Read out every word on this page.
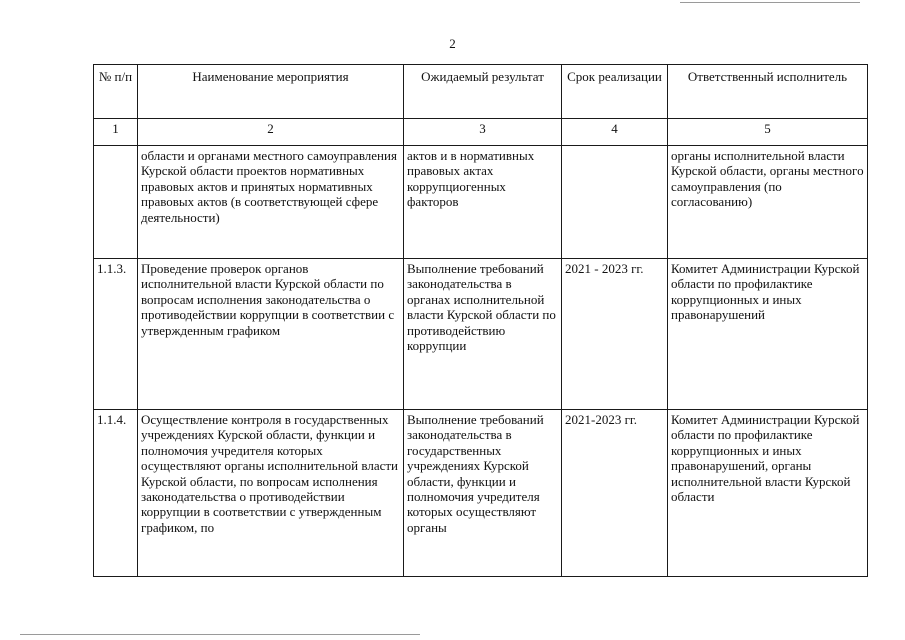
2
№ п/п	Наименование мероприятия	Ожидаемый результат	Срок реализации	Ответственный исполнитель
1	2	3	4	5
	области и органами местного самоуправления Курской области проектов нормативных правовых актов и принятых нормативных правовых актов (в соответствующей сфере деятельности)	актов и в нормативных правовых актах коррупциогенных факторов		органы исполнительной власти Курской области, органы местного самоуправления (по согласованию)
1.1.3.	Проведение проверок органов исполнительной власти Курской области по вопросам исполнения законодательства о противодействии коррупции в соответствии с утвержденным графиком	Выполнение требований законодательства в органах исполнительной власти Курской области по противодействию коррупции	2021 - 2023 гг.	Комитет Администрации Курской области по профилактике коррупционных и иных правонарушений
1.1.4.	Осуществление контроля в государственных учреждениях Курской области, функции и полномочия учредителя которых осуществляют органы исполнительной власти Курской области, по вопросам исполнения законодательства о противодействии коррупции в соответствии с утвержденным графиком, по	Выполнение требований законодательства в государственных учреждениях Курской области, функции и полномочия учредителя которых осуществляют органы	2021-2023 гг.	Комитет Администрации Курской области по профилактике коррупционных и иных правонарушений, органы исполнительной власти Курской области
